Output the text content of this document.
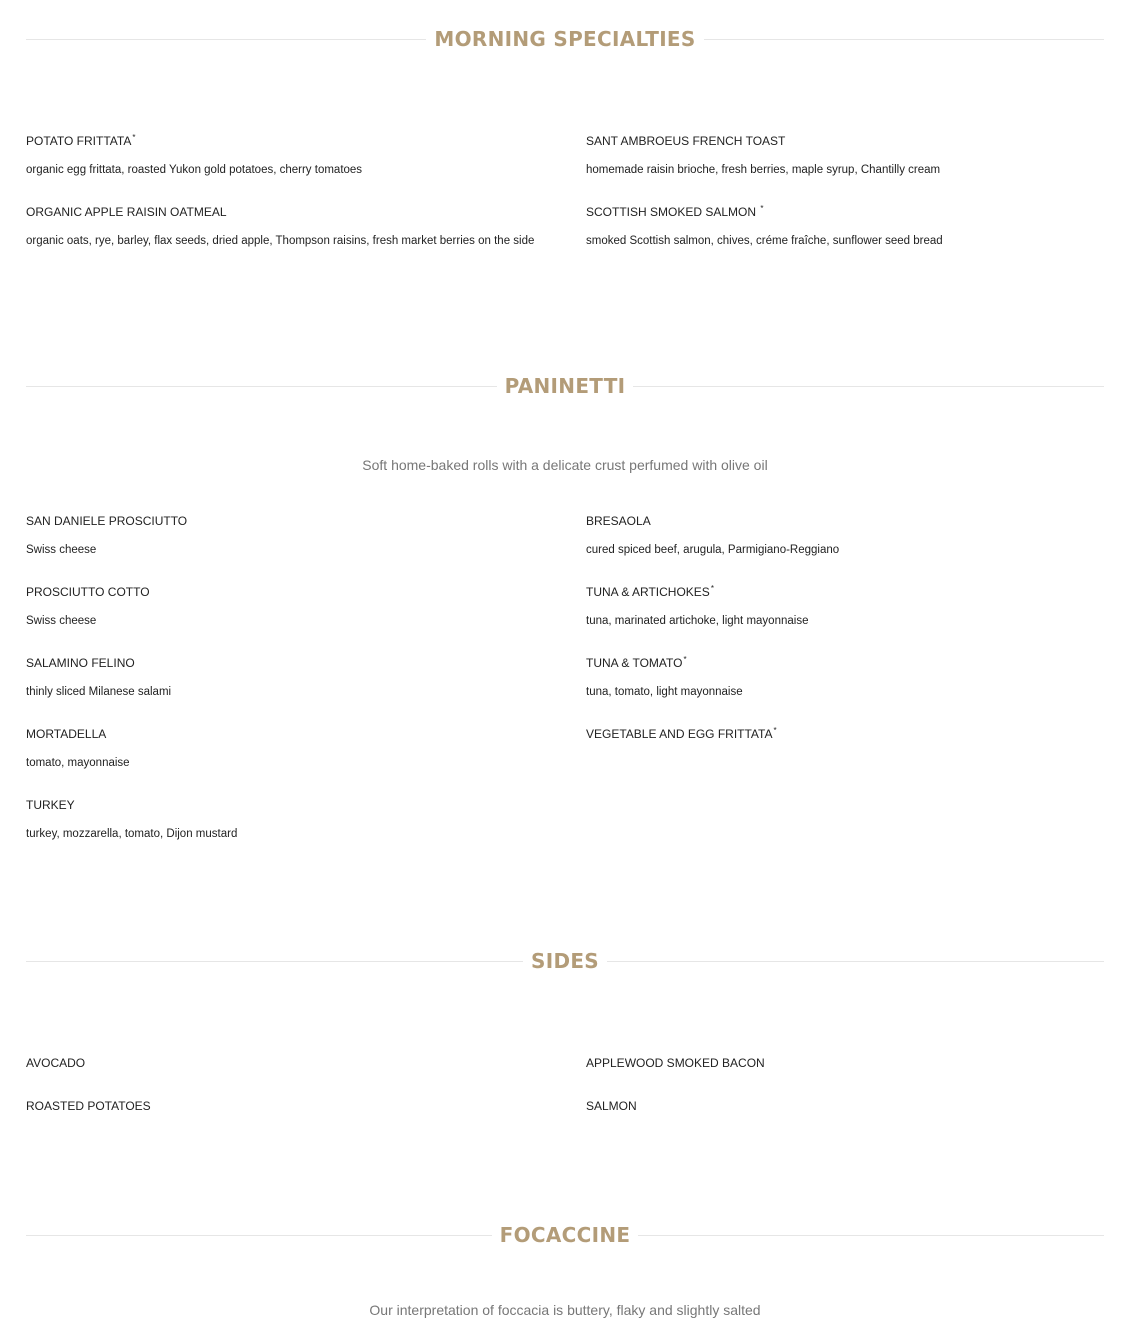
MORNING SPECIALTIES
POTATO FRITTATA*
organic egg frittata, roasted Yukon gold potatoes, cherry tomatoes
SANT AMBROEUS FRENCH TOAST
homemade raisin brioche, fresh berries, maple syrup, Chantilly cream
ORGANIC APPLE RAISIN OATMEAL
organic oats, rye, barley, flax seeds, dried apple, Thompson raisins, fresh market berries on the side
SCOTTISH SMOKED SALMON *
smoked Scottish salmon, chives, créme fraîche, sunflower seed bread
PANINETTI
Soft home-baked rolls with a delicate crust perfumed with olive oil
SAN DANIELE PROSCIUTTO
Swiss cheese
BRESAOLA
cured spiced beef, arugula, Parmigiano-Reggiano
PROSCIUTTO COTTO
Swiss cheese
TUNA & ARTICHOKES*
tuna, marinated artichoke, light mayonnaise
SALAMINO FELINO
thinly sliced Milanese salami
TUNA & TOMATO*
tuna, tomato, light mayonnaise
MORTADELLA
tomato, mayonnaise
VEGETABLE AND EGG FRITTATA*
TURKEY
turkey, mozzarella, tomato, Dijon mustard
SIDES
AVOCADO	APPLEWOOD SMOKED BACON
ROASTED POTATOES	SALMON
FOCACCINE
Our interpretation of foccacia is buttery, flaky and slightly salted
